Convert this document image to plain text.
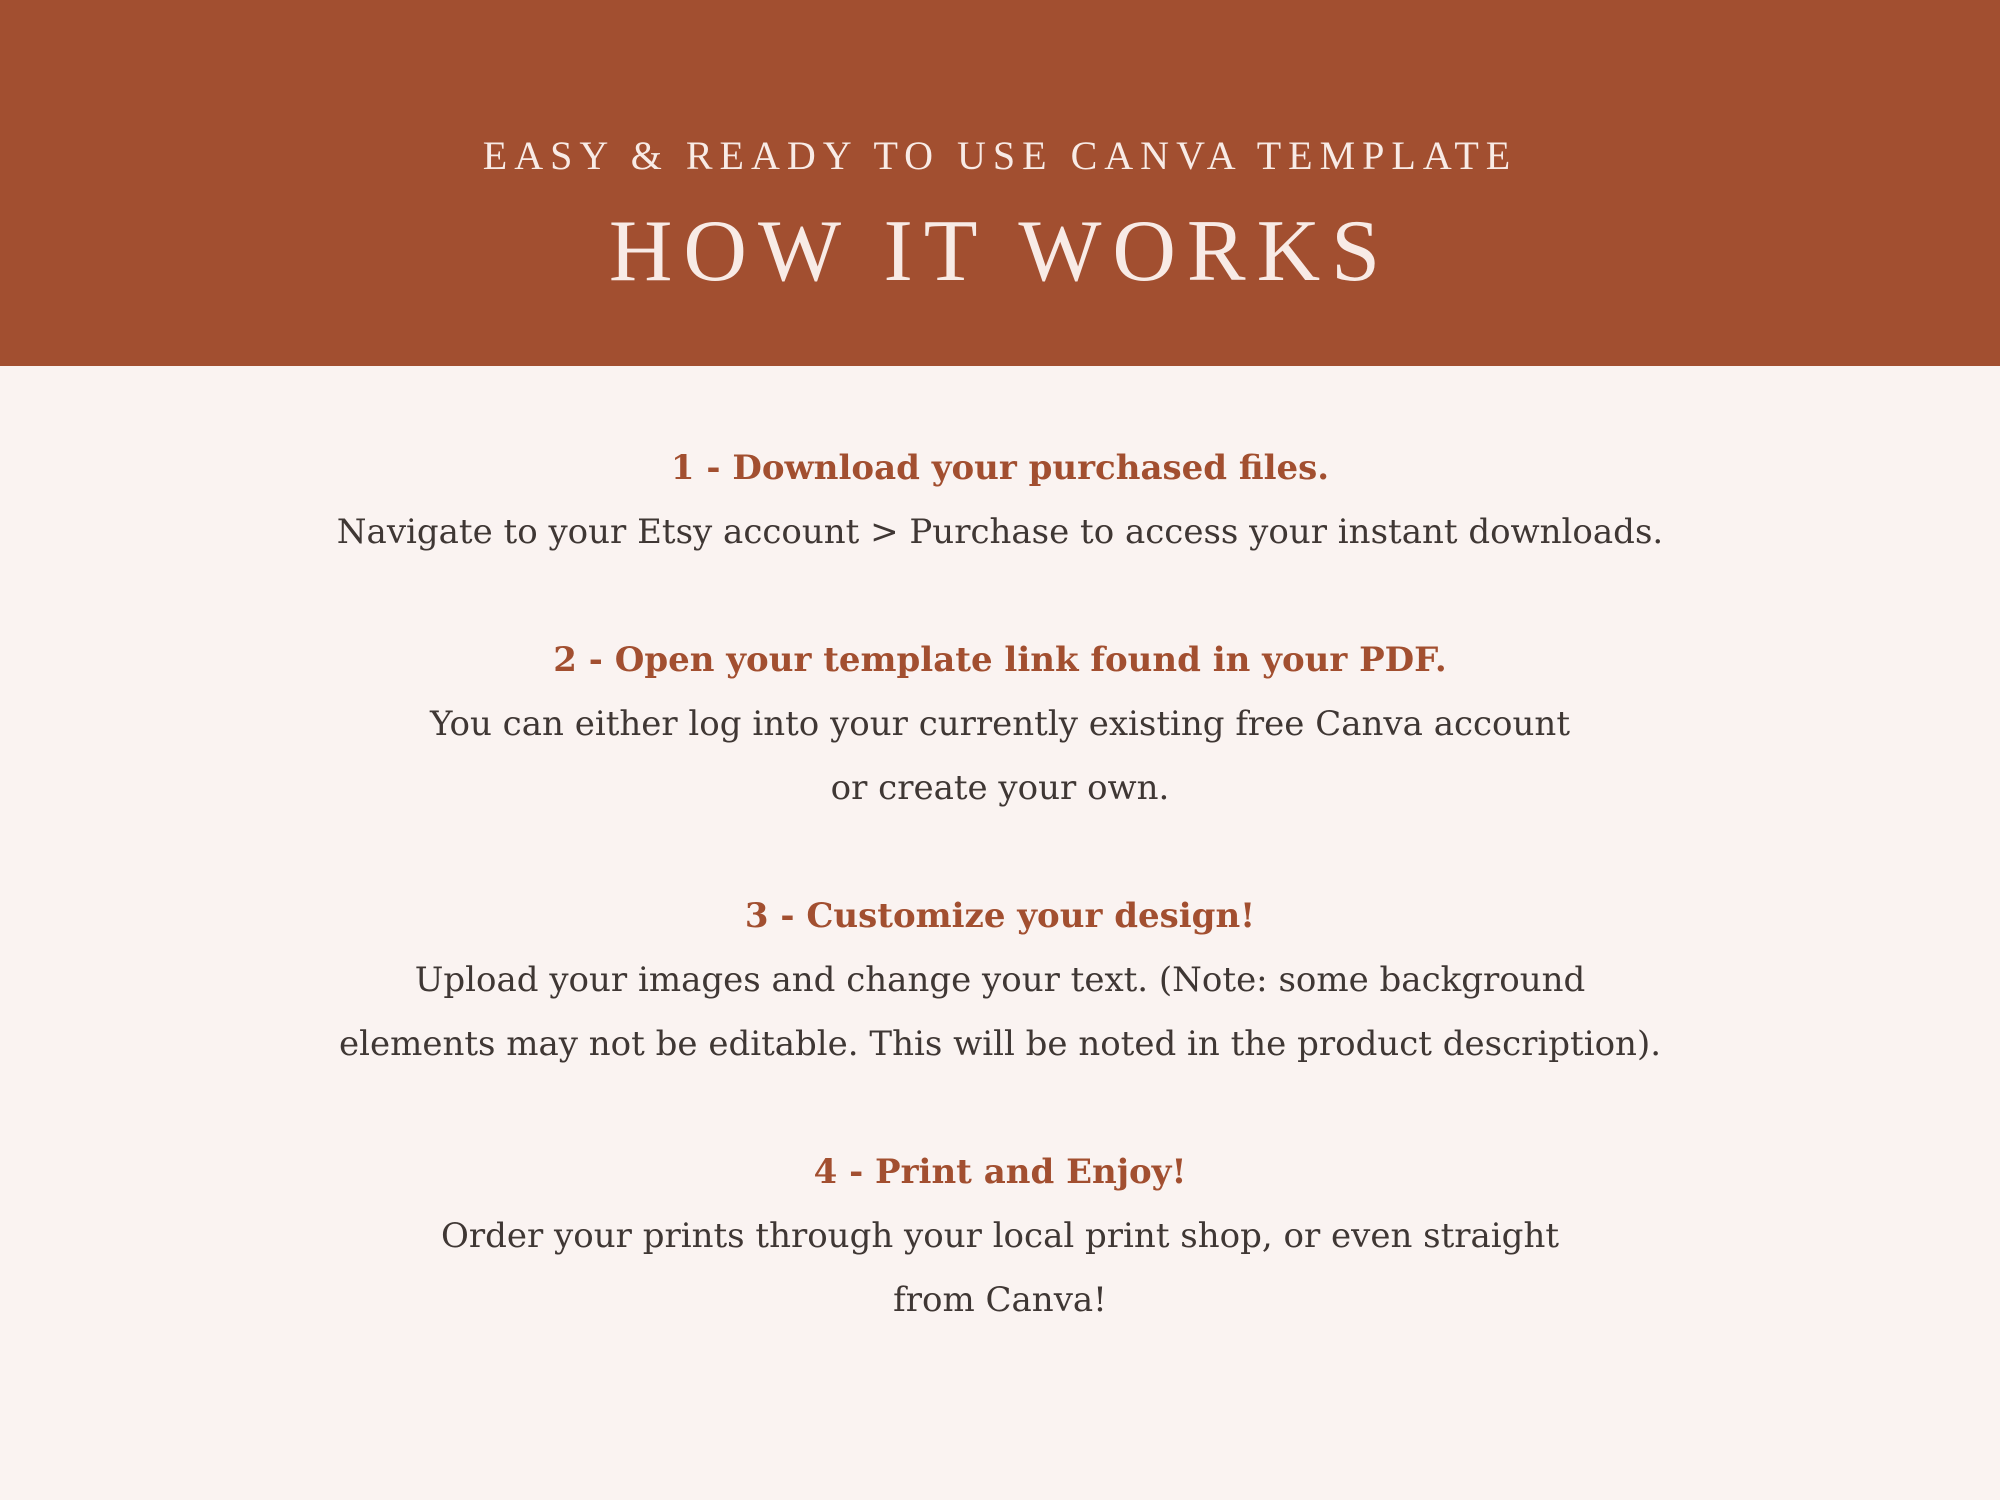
EASY & READY TO USE CANVA TEMPLATE
HOW IT WORKS
1 - Download your purchased files.
Navigate to your Etsy account > Purchase to access your instant downloads.
2 - Open your template link found in your PDF.
You can either log into your currently existing free Canva account
or create your own.
3 - Customize your design!
Upload your images and change your text. (Note: some background
elements may not be editable. This will be noted in the product description).
4 - Print and Enjoy!
Order your prints through your local print shop, or even straight
from Canva!
